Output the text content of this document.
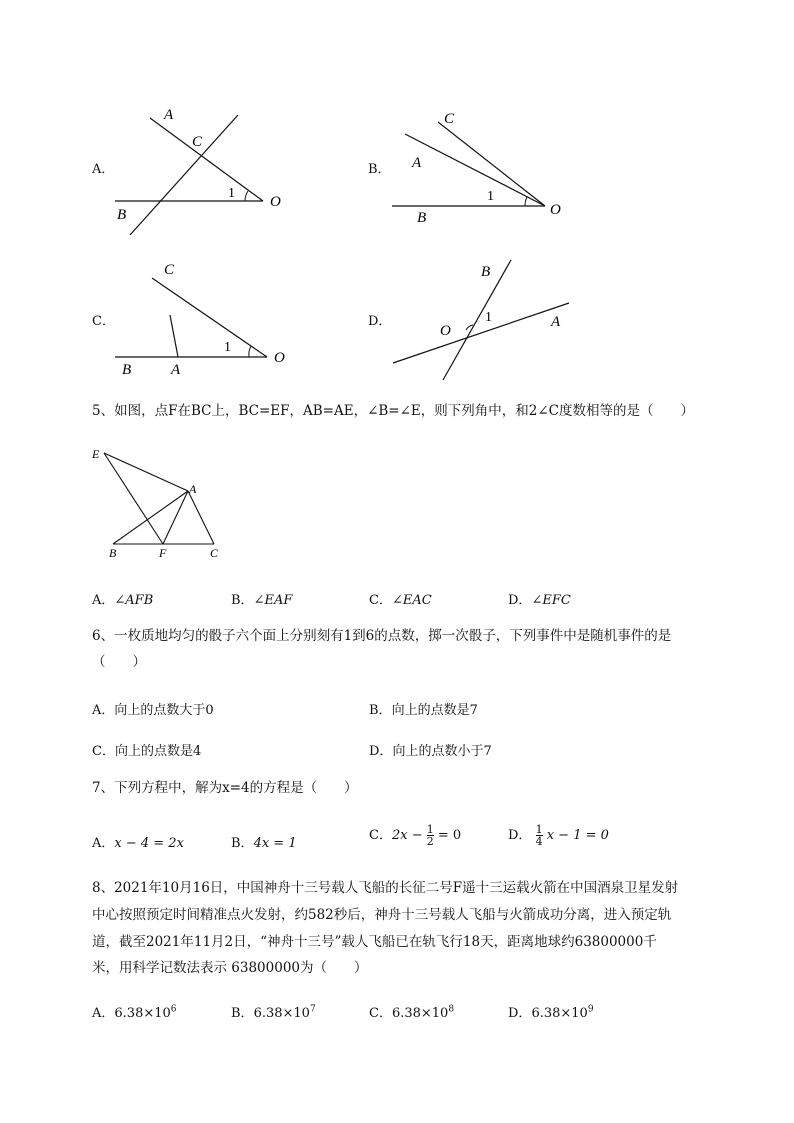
A．
A
C
B
O
1
B．
C
A
B	O
1
C．
C
B	A
O
1
D．
B
O
1	A
5、如图，点F在BC上，BC=EF，AB=AE，∠B=∠E，则下列角中，和2∠C度数相等的是（　　）
E
A
B	F	C
A．∠AFB	B．∠EAF	C．∠EAC	D．∠EFC
6、一枚质地均匀的骰子六个面上分别刻有1到6的点数，掷一次骰子，下列事件中是随机事件的是
（　　）
A．向上的点数大于0	B．向上的点数是7
C．向上的点数是4	D．向上的点数小于7
7、下列方程中，解为x=4的方程是（　　）
A．x − 4 = 2x	B．4x = 1
C．$2x - \frac{1}{2} = 0$	D． $\frac{1}{4}$ x − 1 = 0
8、2021年10月16日，中国神舟十三号载人飞船的长征二号F遥十三运载火箭在中国酒泉卫星发射
中心按照预定时间精准点火发射，约582秒后，神舟十三号载人飞船与火箭成功分离，进入预定轨
道，截至2021年11月2日，“神舟十三号”载人飞船已在轨飞行18天，距离地球约63800000千
米，用科学记数法表示 63800000为（　　）
A．$6.38\times 10^6$	B．$6.38\times 10^7$	C．$6.38\times 10^8$	D．$6.38\times 10^9$
